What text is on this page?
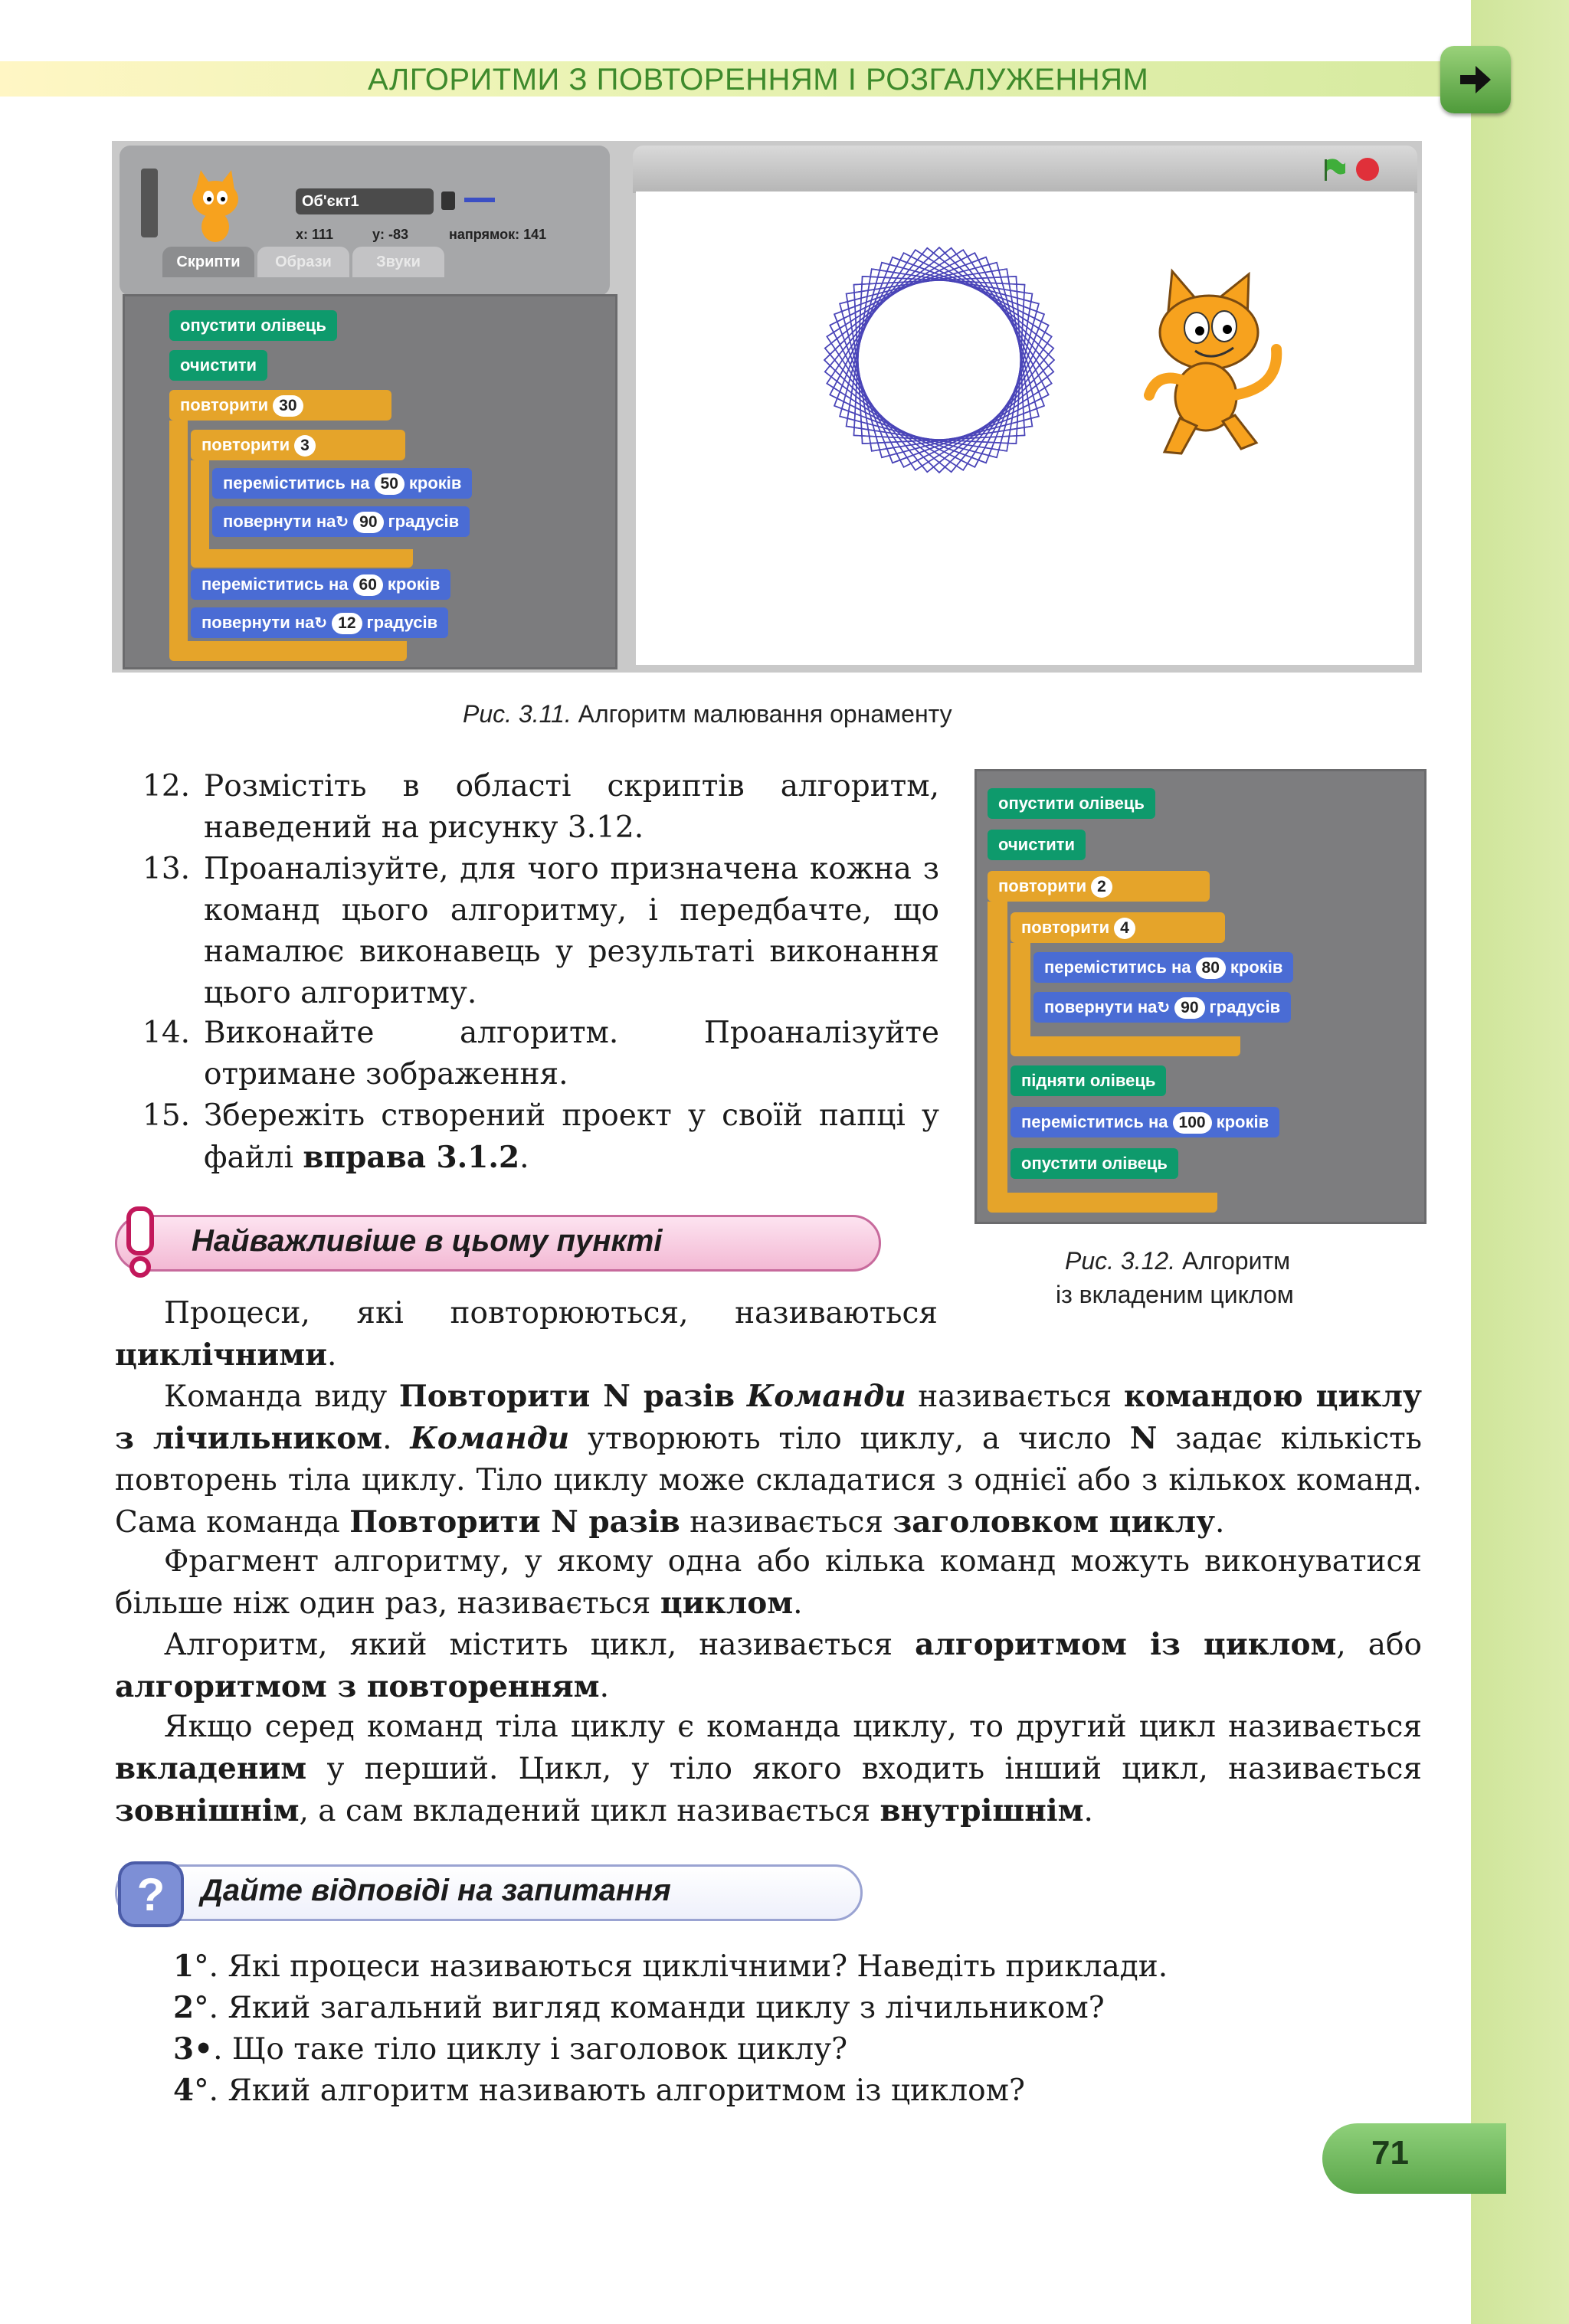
АЛГОРИТМИ З ПОВТОРЕННЯМ І РОЗГАЛУЖЕННЯМ
Об'єкт1
x: 111	y: -83	напрямок: 141
Скрипти	Образи	Звуки
опустити олівець
очистити
повторити 30
повторити 3
переміститись на 50 кроків
повернути на↻ 90 градусів
переміститись на 60 кроків
повернути на↻ 12 градусів
Рис. 3.11. Алгоритм малювання орнаменту
12. Розмістіть в області скриптів алгоритм, наведений на рисунку 3.12.
13. Проаналізуйте, для чого призначена кожна з команд цього алгоритму, і передбачте, що намалює виконавець у результаті виконання цього алгоритму.
14. Виконайте алгоритм. Проаналізуйте отримане зображення.
15. Збережіть створений проект у своїй папці у файлі вправа 3.1.2.
опустити олівець
очистити
повторити 2
повторити 4
переміститись на 80 кроків
повернути на↻ 90 градусів
підняти олівець
переміститись на 100 кроків
опустити олівець
Рис. 3.12. Алгоритм
із вкладеним циклом
Найважливіше в цьому пункті
Процеси, які повторюються, називаються циклічними.
Команда виду Повторити N разів Команди називається командою циклу з лічильником. Команди утворюють тіло циклу, а число N задає кількість повторень тіла циклу. Тіло циклу може складатися з однієї або з кількох команд. Сама команда Повторити N разів називається заголовком циклу.
Фрагмент алгоритму, у якому одна або кілька команд можуть виконуватися більше ніж один раз, називається циклом.
Алгоритм, який містить цикл, називається алгоритмом із циклом, або алгоритмом з повторенням.
Якщо серед команд тіла циклу є команда циклу, то другий цикл називається вкладеним у перший. Цикл, у тіло якого входить інший цикл, називається зовнішнім, а сам вкладений цикл називається внутрішнім.
? Дайте відповіді на запитання
1°. Які процеси називаються циклічними? Наведіть приклади.
2°. Який загальний вигляд команди циклу з лічильником?
3•. Що таке тіло циклу і заголовок циклу?
4°. Який алгоритм називають алгоритмом із циклом?
71
